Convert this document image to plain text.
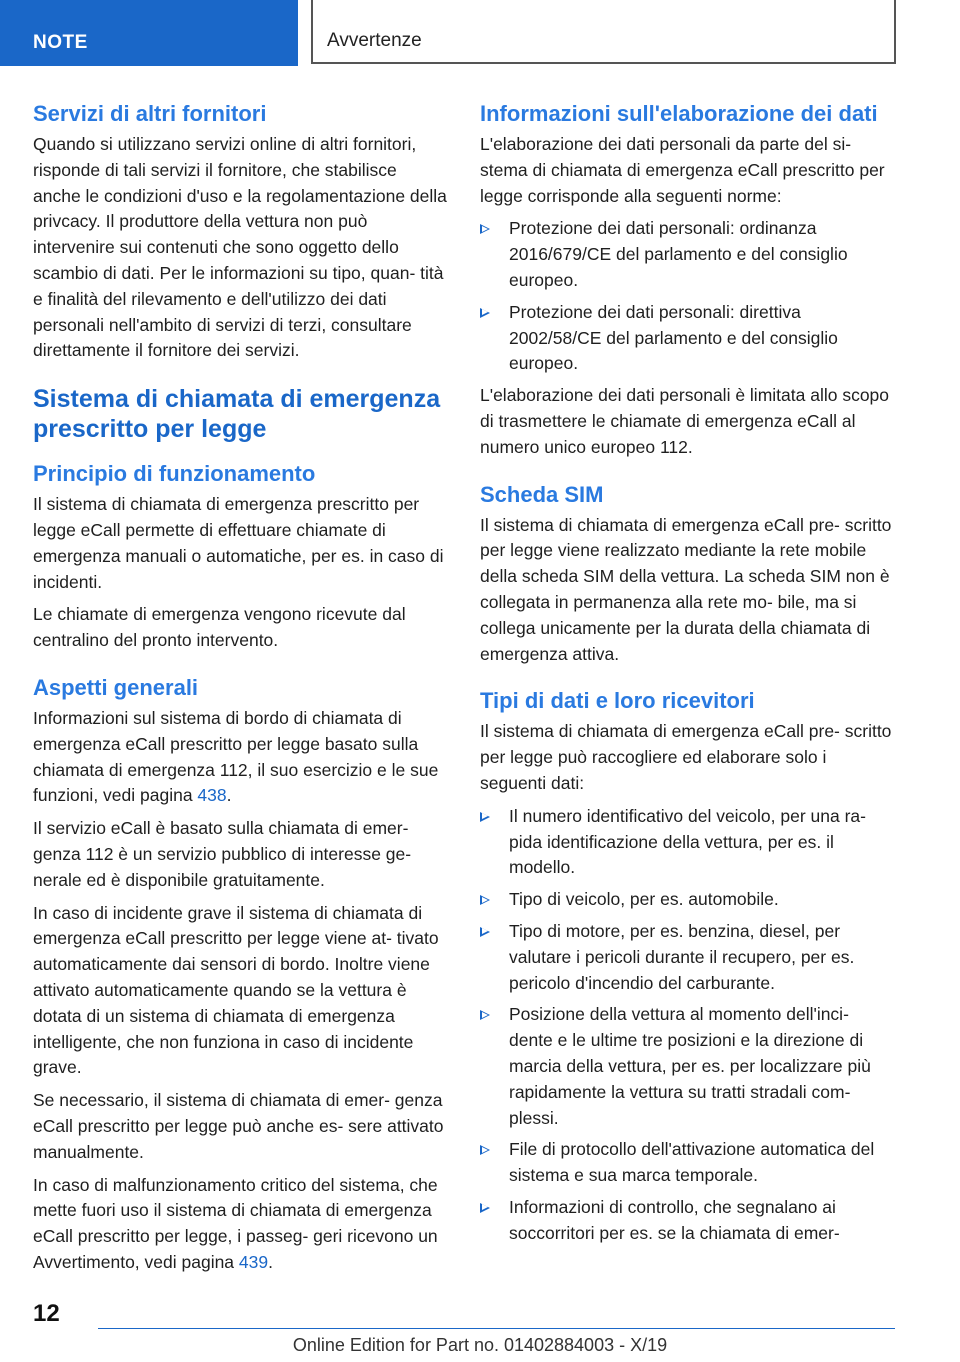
NOTE	Avvertenze
Servizi di altri fornitori

Quando si utilizzano servizi online di altri fornitori, risponde di tali servizi il fornitore, che stabilisce anche le condizioni d'uso e la regolamentazione della privcacy. Il produttore della vettura non può intervenire sui contenuti che sono oggetto dello scambio di dati. Per le informazioni su tipo, quan‐ tità e finalità del rilevamento e dell'utilizzo dei dati personali nell'ambito di servizi di terzi, consultare direttamente il fornitore dei servizi.

Sistema di chiamata di emergenza prescritto per legge
Principio di funzionamento

Il sistema di chiamata di emergenza prescritto per legge eCall permette di effettuare chiamate di emergenza manuali o automatiche, per es. in caso di incidenti.

Le chiamate di emergenza vengono ricevute dal centralino del pronto intervento.

Aspetti generali

Informazioni sul sistema di bordo di chiamata di emergenza eCall prescritto per legge basato sulla chiamata di emergenza 112, il suo esercizio e le sue funzioni, vedi pagina 438.

Il servizio eCall è basato sulla chiamata di emer‐ genza 112 è un servizio pubblico di interesse ge‐ nerale ed è disponibile gratuitamente.

In caso di incidente grave il sistema di chiamata di emergenza eCall prescritto per legge viene at‐ tivato automaticamente dai sensori di bordo. Inoltre viene attivato automaticamente quando se la vettura è dotata di un sistema di chiamata di emergenza intelligente, che non funziona in caso di incidente grave.

Se necessario, il sistema di chiamata di emer‐ genza eCall prescritto per legge può anche es‐ sere attivato manualmente.

In caso di malfunzionamento critico del sistema, che mette fuori uso il sistema di chiamata di emergenza eCall prescritto per legge, i passeg‐ geri ricevono un Avvertimento, vedi pagina 439.

Informazioni sull'elaborazione dei dati

L'elaborazione dei dati personali da parte del si‐ stema di chiamata di emergenza eCall prescritto per legge corrisponde alla seguenti norme:

Protezione dei dati personali: ordinanza 2016/679/CE del parlamento e del consiglio europeo.
Protezione dei dati personali: direttiva 2002/58/CE del parlamento e del consiglio europeo.

L'elaborazione dei dati personali è limitata allo scopo di trasmettere le chiamate di emergenza eCall al numero unico europeo 112.

Scheda SIM

Il sistema di chiamata di emergenza eCall pre‐ scritto per legge viene realizzato mediante la rete mobile della scheda SIM della vettura. La scheda SIM non è collegata in permanenza alla rete mo‐ bile, ma si collega unicamente per la durata della chiamata di emergenza attiva.

Tipi di dati e loro ricevitori

Il sistema di chiamata di emergenza eCall pre‐ scritto per legge può raccogliere ed elaborare solo i seguenti dati:

Il numero identificativo del veicolo, per una ra‐ pida identificazione della vettura, per es. il modello.
Tipo di veicolo, per es. automobile.
Tipo di motore, per es. benzina, diesel, per valutare i pericoli durante il recupero, per es. pericolo d'incendio del carburante.
Posizione della vettura al momento dell'inci‐ dente e le ultime tre posizioni e la direzione di marcia della vettura, per es. per localizzare più rapidamente la vettura su tratti stradali com‐ plessi.
File di protocollo dell'attivazione automatica del sistema e sua marca temporale.
Informazioni di controllo, che segnalano ai soccorritori per es. se la chiamata di emer‐
12
Online Edition for Part no. 01402884003 - X/19
